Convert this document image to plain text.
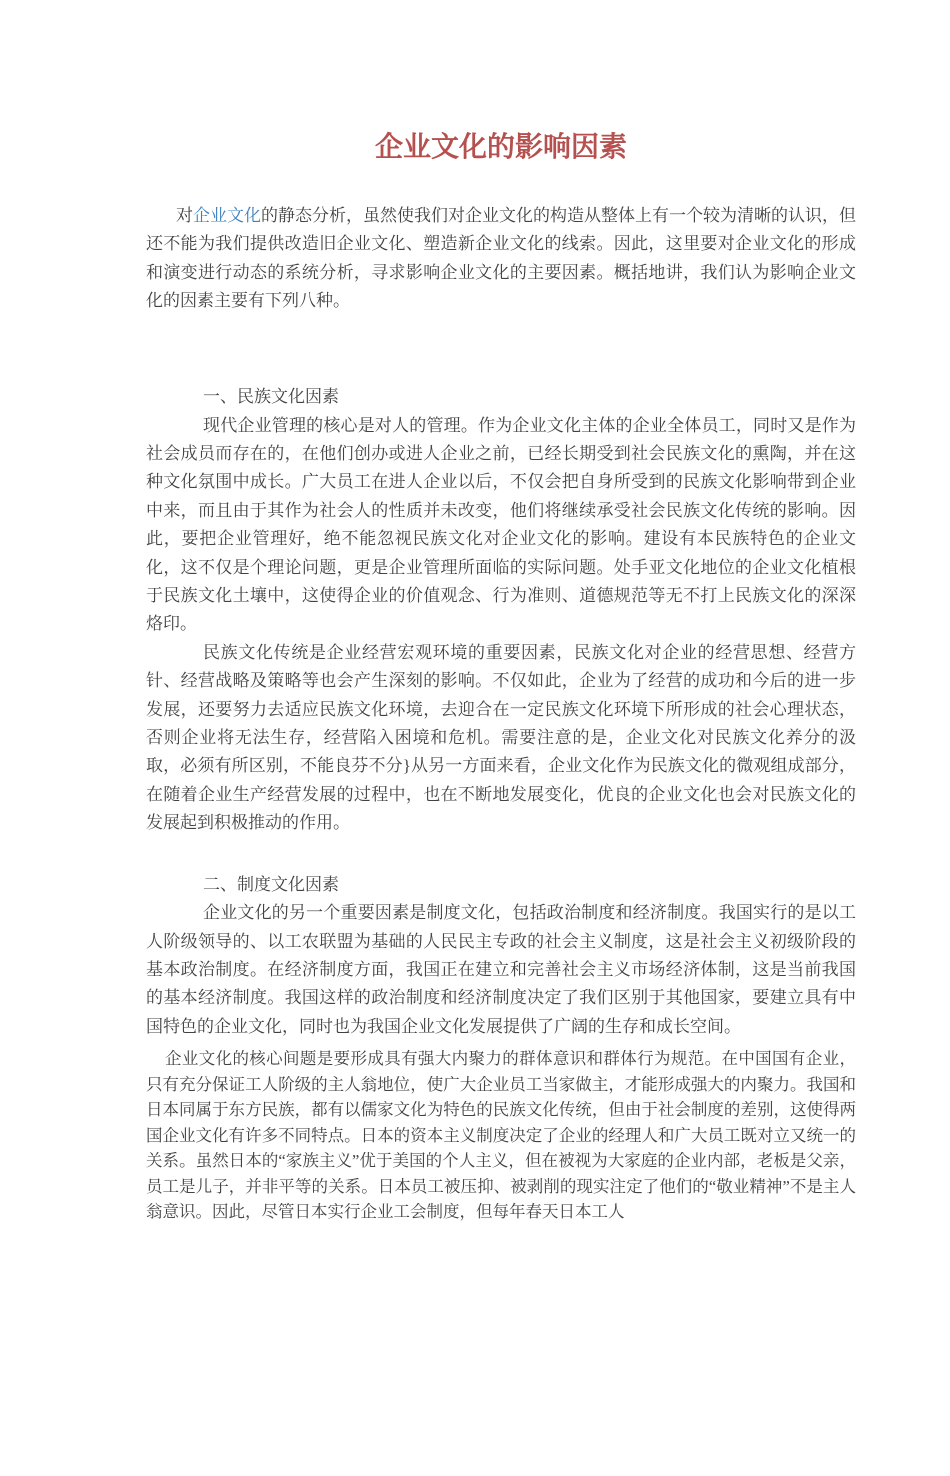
企业文化的影响因素

对企业文化的静态分析，虽然使我们对企业文化的构造从整体上有一个较为清晰的认识，但还不能为我们提供改造旧企业文化、塑造新企业文化的线索。因此，这里要对企业文化的形成和演变进行动态的系统分析，寻求影响企业文化的主要因素。概括地讲，我们认为影响企业文化的因素主要有下列八种。

一、民族文化因素

现代企业管理的核心是对人的管理。作为企业文化主体的企业全体员工，同时又是作为社会成员而存在的，在他们创办或进人企业之前，已经长期受到社会民族文化的熏陶，并在这种文化氛围中成长。广大员工在进人企业以后，不仅会把自身所受到的民族文化影响带到企业中来，而且由于其作为社会人的性质并未改变，他们将继续承受社会民族文化传统的影响。因此，要把企业管理好，绝不能忽视民族文化对企业文化的影响。建设有本民族特色的企业文化，这不仅是个理论问题，更是企业管理所面临的实际问题。处手亚文化地位的企业文化植根于民族文化土壤中，这使得企业的价值观念、行为准则、道德规范等无不打上民族文化的深深烙印。

民族文化传统是企业经营宏观环境的重要因素，民族文化对企业的经营思想、经营方针、经营战略及策略等也会产生深刻的影响。不仅如此，企业为了经营的成功和今后的进一步发展，还要努力去适应民族文化环境，去迎合在一定民族文化环境下所形成的社会心理状态，否则企业将无法生存，经营陷入困境和危机。需要注意的是，企业文化对民族文化养分的汲取，必须有所区别，不能良芬不分}从另一方面来看，企业文化作为民族文化的微观组成部分，在随着企业生产经营发展的过程中，也在不断地发展变化，优良的企业文化也会对民族文化的发展起到积极推动的作用。

二、制度文化因素

企业文化的另一个重要因素是制度文化，包括政治制度和经济制度。我国实行的是以工人阶级领导的、以工农联盟为基础的人民民主专政的社会主义制度，这是社会主义初级阶段的基本政治制度。在经济制度方面，我国正在建立和完善社会主义市场经济体制，这是当前我国的基本经济制度。我国这样的政治制度和经济制度决定了我们区别于其他国家，要建立具有中国特色的企业文化，同时也为我国企业文化发展提供了广阔的生存和成长空间。

企业文化的核心间题是要形成具有强大内聚力的群体意识和群体行为规范。在中国国有企业，只有充分保证工人阶级的主人翁地位，使广大企业员工当家做主，才能形成强大的内聚力。我国和日本同属于东方民族，都有以儒家文化为特色的民族文化传统，但由于社会制度的差别，这使得两国企业文化有许多不同特点。日本的资本主义制度决定了企业的经理人和广大员工既对立又统一的关系。虽然日本的“家族主义”优于美国的个人主义，但在被视为大家庭的企业内部，老板是父亲，员工是儿子，并非平等的关系。日本员工被压抑、被剥削的现实注定了他们的“敬业精神”不是主人翁意识。因此，尽管日本实行企业工会制度，但每年春天日本工人
